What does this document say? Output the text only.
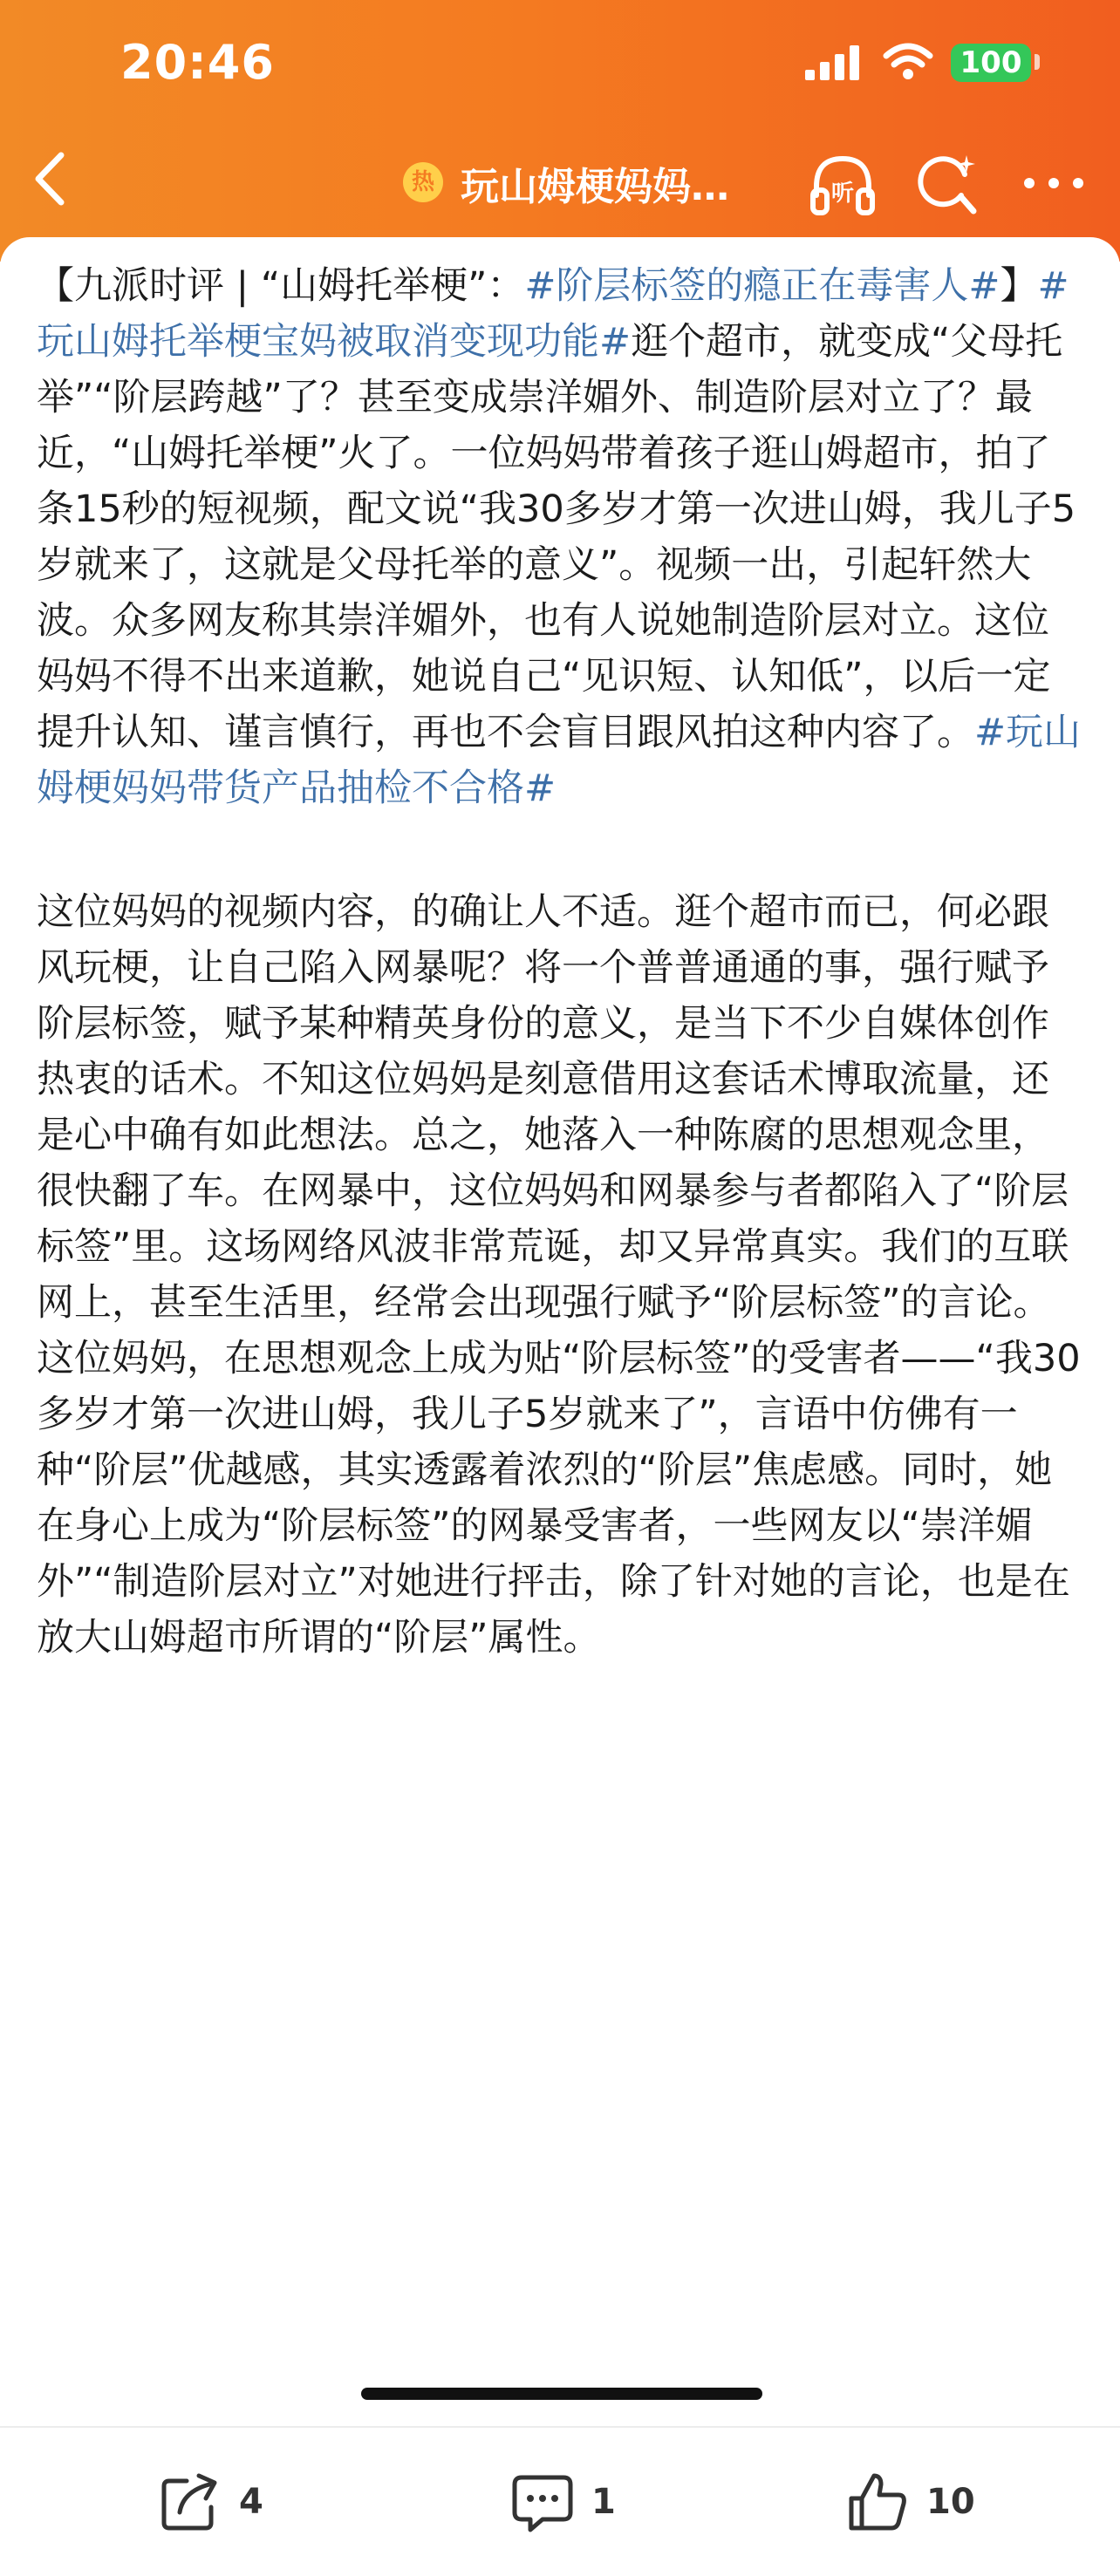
20:46	100
热 玩山姆梗妈妈…	听

【九派时评 | “山姆托举梗”：#阶层标签的瘾正在毒害人#】#玩山姆托举梗宝妈被取消变现功能#逛个超市，就变成“父母托举”“阶层跨越”了？甚至变成崇洋媚外、制造阶层对立了？最近，“山姆托举梗”火了。一位妈妈带着孩子逛山姆超市，拍了条15秒的短视频，配文说“我30多岁才第一次进山姆，我儿子5岁就来了，这就是父母托举的意义”。视频一出，引起轩然大波。众多网友称其崇洋媚外，也有人说她制造阶层对立。这位妈妈不得不出来道歉，她说自己“见识短、认知低”，以后一定提升认知、谨言慎行，再也不会盲目跟风拍这种内容了。#玩山姆梗妈妈带货产品抽检不合格#

这位妈妈的视频内容，的确让人不适。逛个超市而已，何必跟风玩梗，让自己陷入网暴呢？将一个普普通通的事，强行赋予阶层标签，赋予某种精英身份的意义，是当下不少自媒体创作热衷的话术。不知这位妈妈是刻意借用这套话术博取流量，还是心中确有如此想法。总之，她落入一种陈腐的思想观念里，很快翻了车。在网暴中，这位妈妈和网暴参与者都陷入了“阶层标签”里。这场网络风波非常荒诞，却又异常真实。我们的互联网上，甚至生活里，经常会出现强行赋予“阶层标签”的言论。这位妈妈，在思想观念上成为贴“阶层标签”的受害者——“我30多岁才第一次进山姆，我儿子5岁就来了”，言语中仿佛有一种“阶层”优越感，其实透露着浓烈的“阶层”焦虑感。同时，她在身心上成为“阶层标签”的网暴受害者，一些网友以“崇洋媚外”“制造阶层对立”对她进行抨击，除了针对她的言论，也是在放大山姆超市所谓的“阶层”属性。

4	1	10
